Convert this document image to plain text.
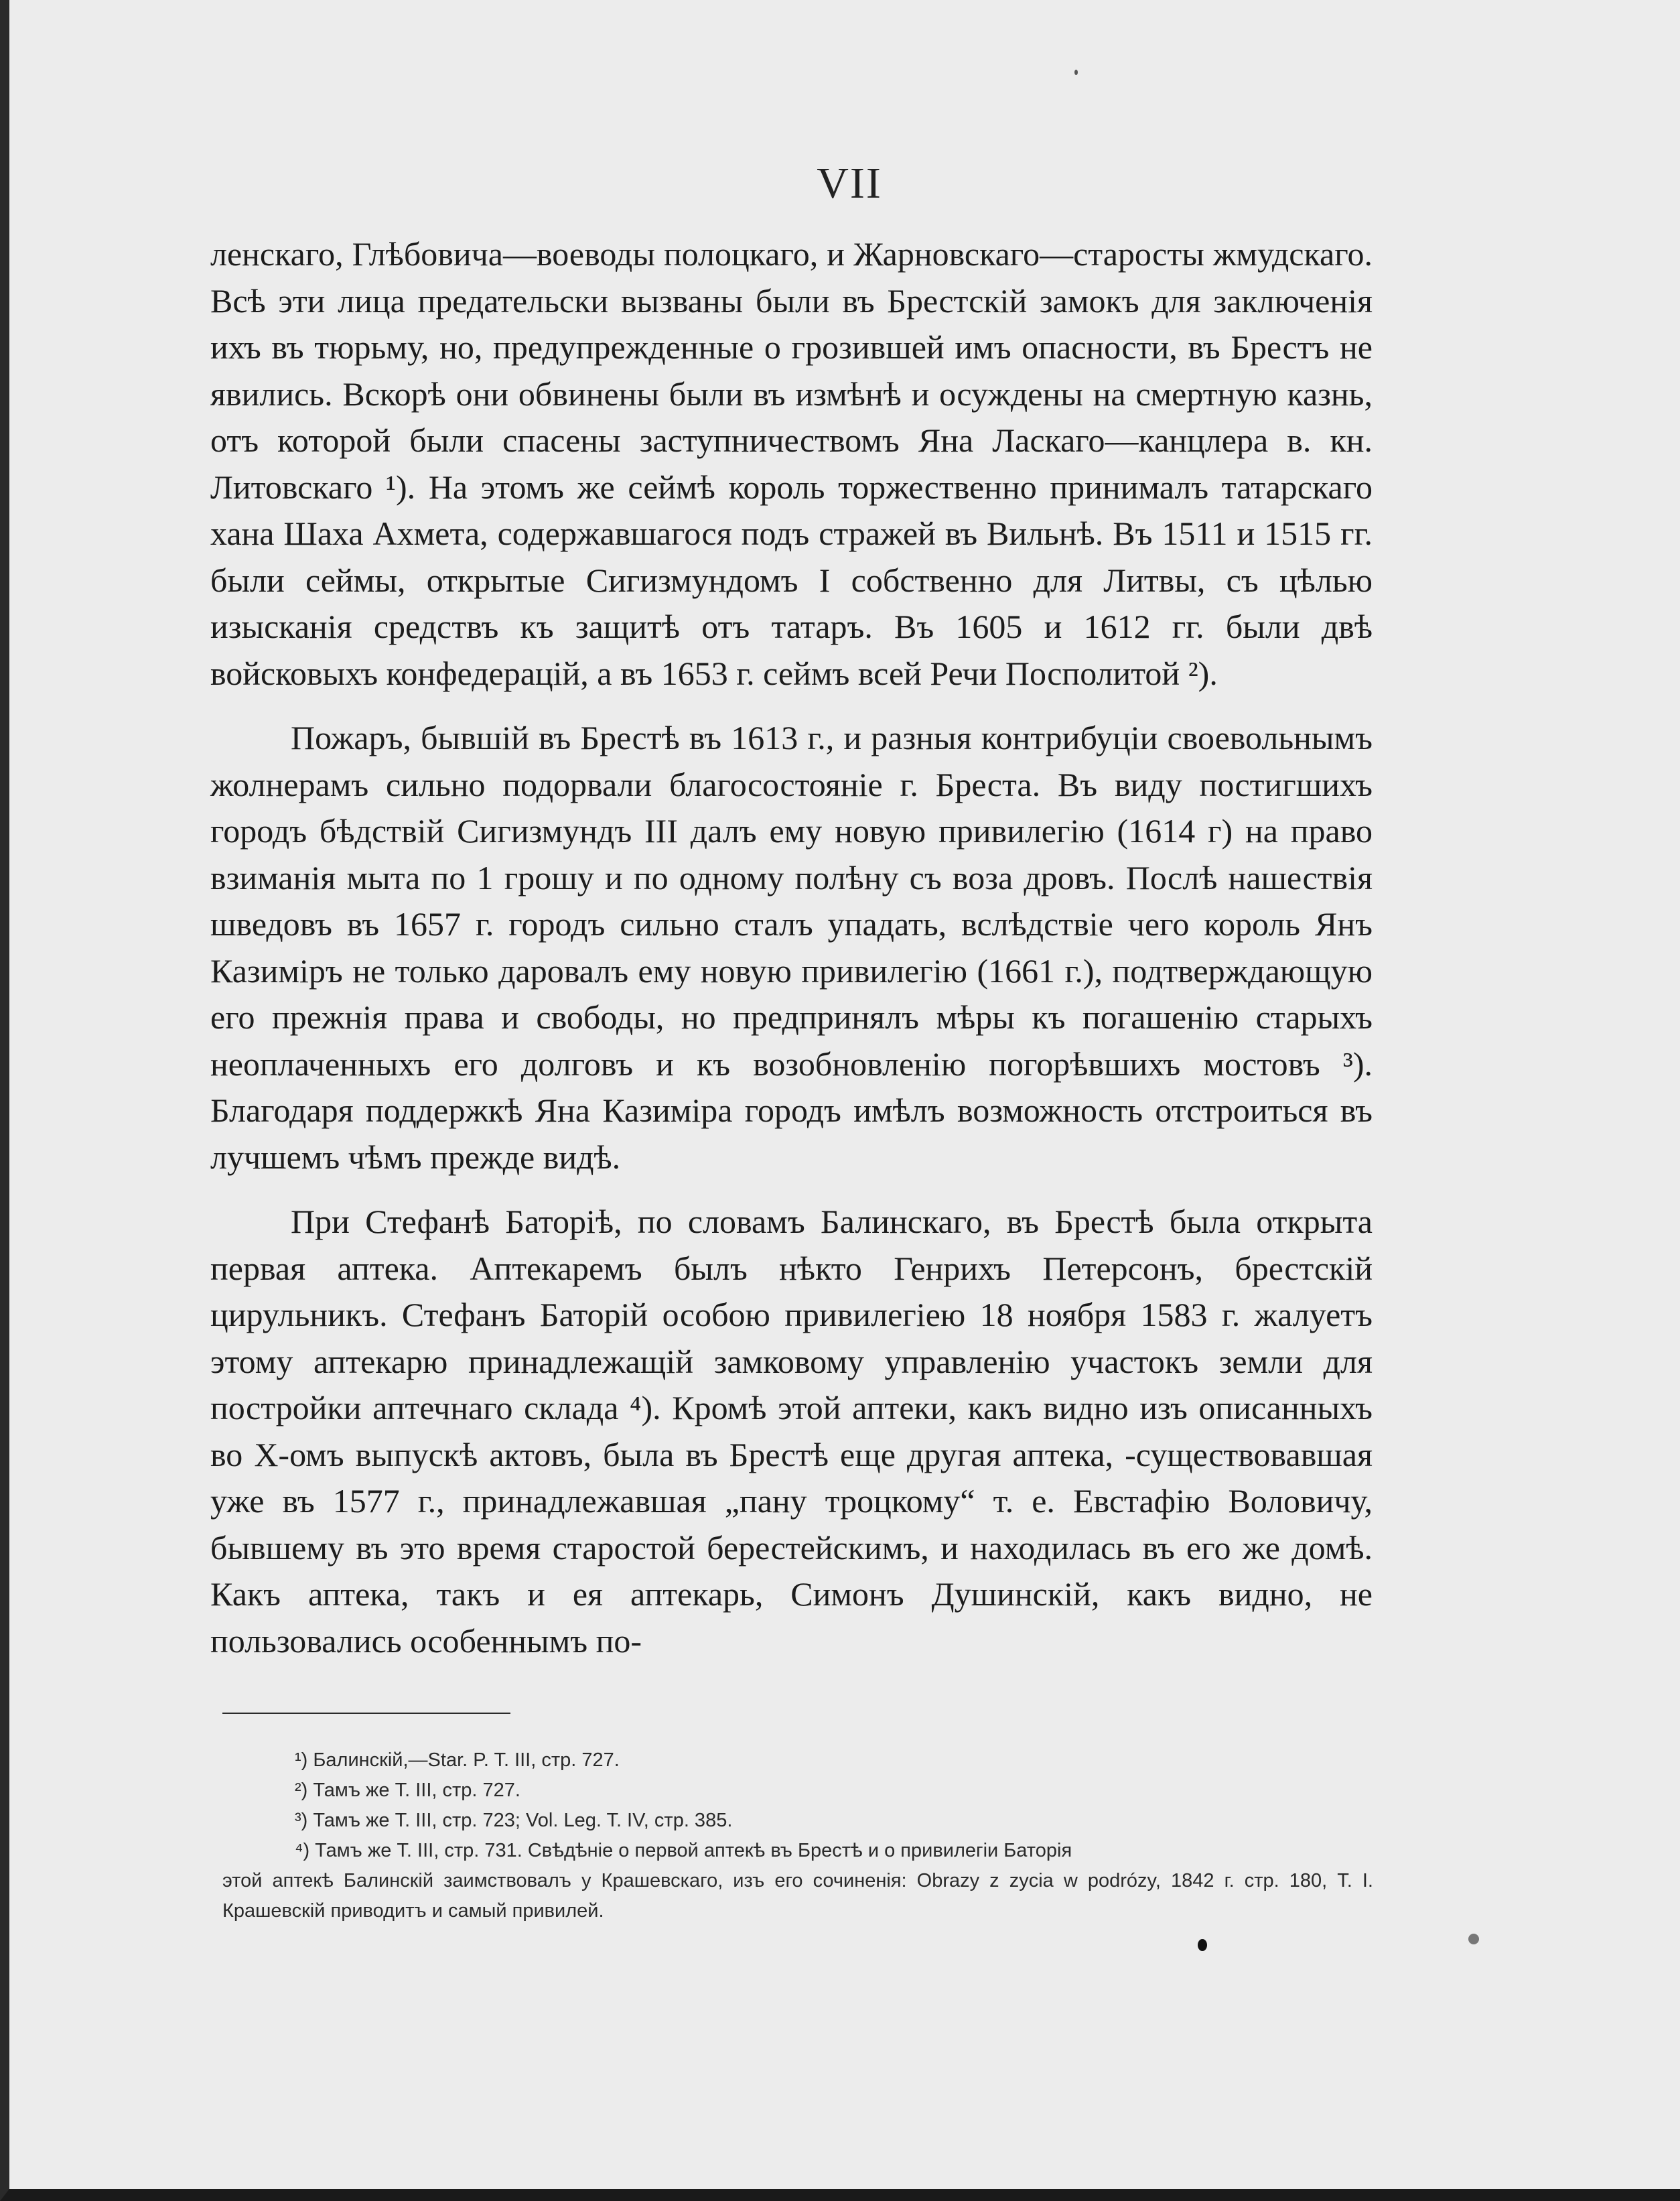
VII

ленскаго, Глѣбовича—воеводы полоцкаго, и Жарновскаго—старосты жмудскаго. Всѣ эти лица предательски вызваны были въ Брестскій замокъ для заключенія ихъ въ тюрьму, но, предупрежденные о грозившей имъ опасности, въ Брестъ не явились. Вскорѣ они обвинены были въ измѣнѣ и осуждены на смертную казнь, отъ которой были спасены заступничествомъ Яна Ласкаго—канцлера в. кн. Литовскаго ¹). На этомъ же сеймѣ король торжественно принималъ татарскаго хана Шаха Ахмета, содержавшагося подъ стражей въ Вильнѣ. Въ 1511 и 1515 гг. были сеймы, открытые Сигизмундомъ I собственно для Литвы, съ цѣлью изысканія средствъ къ защитѣ отъ татаръ. Въ 1605 и 1612 гг. были двѣ войсковыхъ конфедерацій, а въ 1653 г. сеймъ всей Речи Посполитой ²).

Пожаръ, бывшій въ Брестѣ въ 1613 г., и разныя контрибуціи своевольнымъ жолнерамъ сильно подорвали благосостояніе г. Бреста. Въ виду постигшихъ городъ бѣдствій Сигизмундъ III далъ ему новую привилегію (1614 г) на право взиманія мыта по 1 грошу и по одному полѣну съ воза дровъ. Послѣ нашествія шведовъ въ 1657 г. городъ сильно сталъ упадать, вслѣдствіе чего король Янъ Казиміръ не только даровалъ ему новую привилегію (1661 г.), подтверждающую его прежнія права и свободы, но предпринялъ мѣры къ погашенію старыхъ неоплаченныхъ его долговъ и къ возобновленію погорѣвшихъ мостовъ ³). Благодаря поддержкѣ Яна Казиміра городъ имѣлъ возможность отстроиться въ лучшемъ чѣмъ прежде видѣ.

При Стефанѣ Баторіѣ, по словамъ Балинскаго, въ Брестѣ была открыта первая аптека. Аптекаремъ былъ нѣкто Генрихъ Петерсонъ, брестскій цирульникъ. Стефанъ Баторій особою привилегіею 18 ноября 1583 г. жалуетъ этому аптекарю принадлежащій замковому управленію участокъ земли для постройки аптечнаго склада ⁴). Кромѣ этой аптеки, какъ видно изъ описанныхъ во X-омъ выпускѣ актовъ, была въ Брестѣ еще другая аптека, -существовавшая уже въ 1577 г., принадлежавшая „пану троцкому“ т. е. Евстафію Воловичу, бывшему въ это время старостой берестейскимъ, и находилась въ его же домѣ. Какъ аптека, такъ и ея аптекарь, Симонъ Душинскій, какъ видно, не пользовались особеннымъ по-

¹) Балинскій,—Star. P. T. III, стр. 727.

²) Тамъ же Т. III, стр. 727.

³) Тамъ же Т. III, стр. 723; Vol. Leg. T. IV, стр. 385.

⁴) Тамъ же Т. III, стр. 731. Свѣдѣніе о первой аптекѣ въ Брестѣ и о привилегіи Баторія

этой аптекѣ Балинскій заимствовалъ у Крашевскаго, изъ его сочиненія: Obrazy z zycia w podrózy, 1842 г. стр. 180, Т. I. Крашевскій приводитъ и самый привилей.
